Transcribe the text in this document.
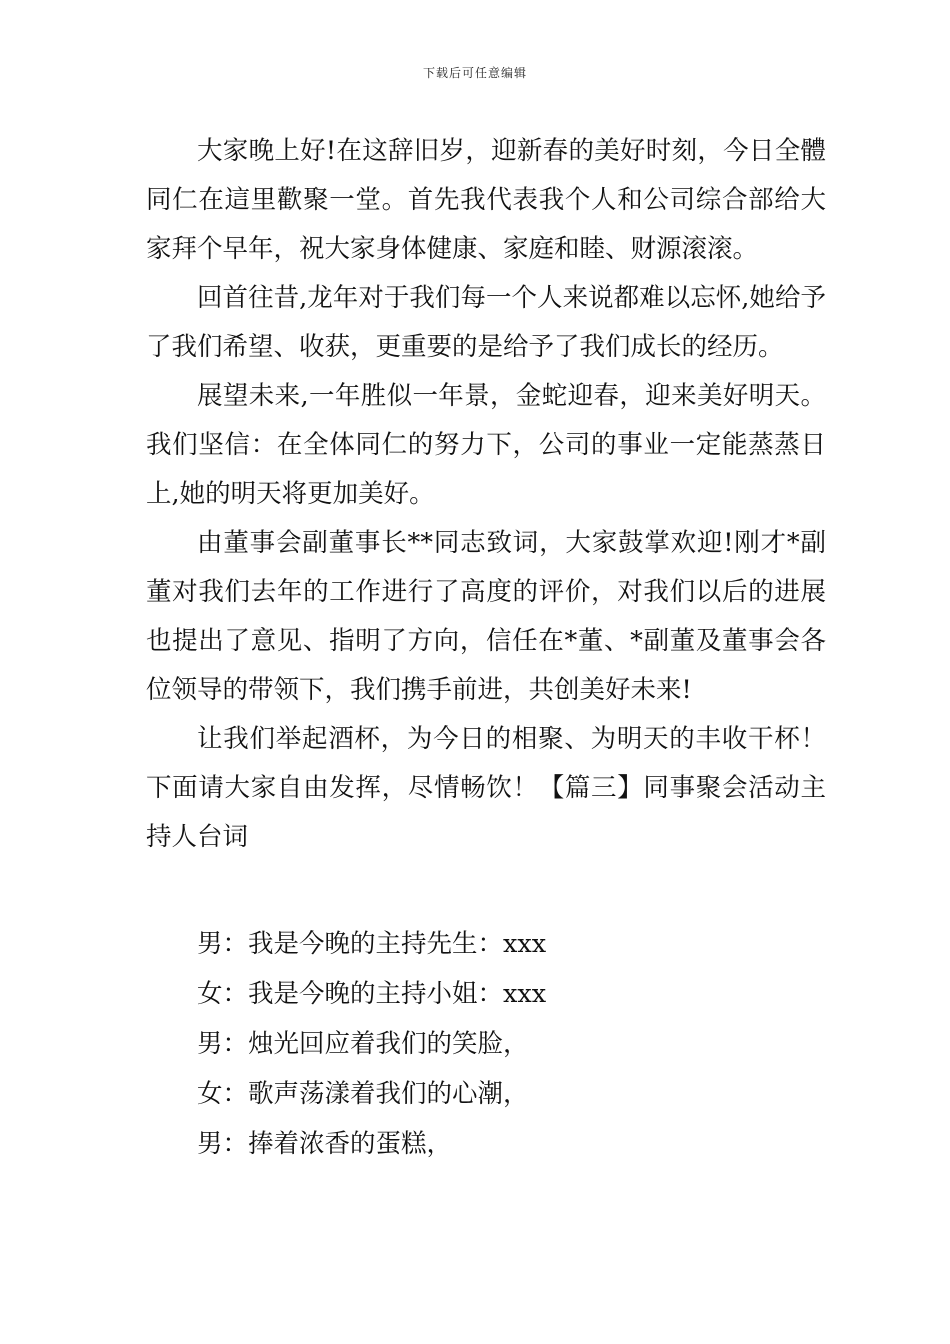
下载后可任意编辑

大家晚上好!在这辞旧岁，迎新春的美好时刻，今日全體同仁在這里歡聚一堂。首先我代表我个人和公司综合部给大家拜个早年，祝大家身体健康、家庭和睦、财源滚滚。

回首往昔,龙年对于我们每一个人来说都难以忘怀,她给予了我们希望、收获，更重要的是给予了我们成长的经历。

展望未来,一年胜似一年景，金蛇迎春，迎来美好明天。我们坚信：在全体同仁的努力下，公司的事业一定能蒸蒸日上,她的明天将更加美好。

由董事会副董事长**同志致词，大家鼓掌欢迎!刚才*副董对我们去年的工作进行了高度的评价，对我们以后的进展也提出了意见、指明了方向，信任在*董、*副董及董事会各位领导的带领下，我们携手前进，共创美好未来!

让我们举起酒杯，为今日的相聚、为明天的丰收干杯！下面请大家自由发挥，尽情畅饮！【篇三】同事聚会活动主持人台词

男：我是今晚的主持先生：xxx

女：我是今晚的主持小姐：xxx

男：烛光回应着我们的笑脸，

女：歌声荡漾着我们的心潮，

男：捧着浓香的蛋糕，
